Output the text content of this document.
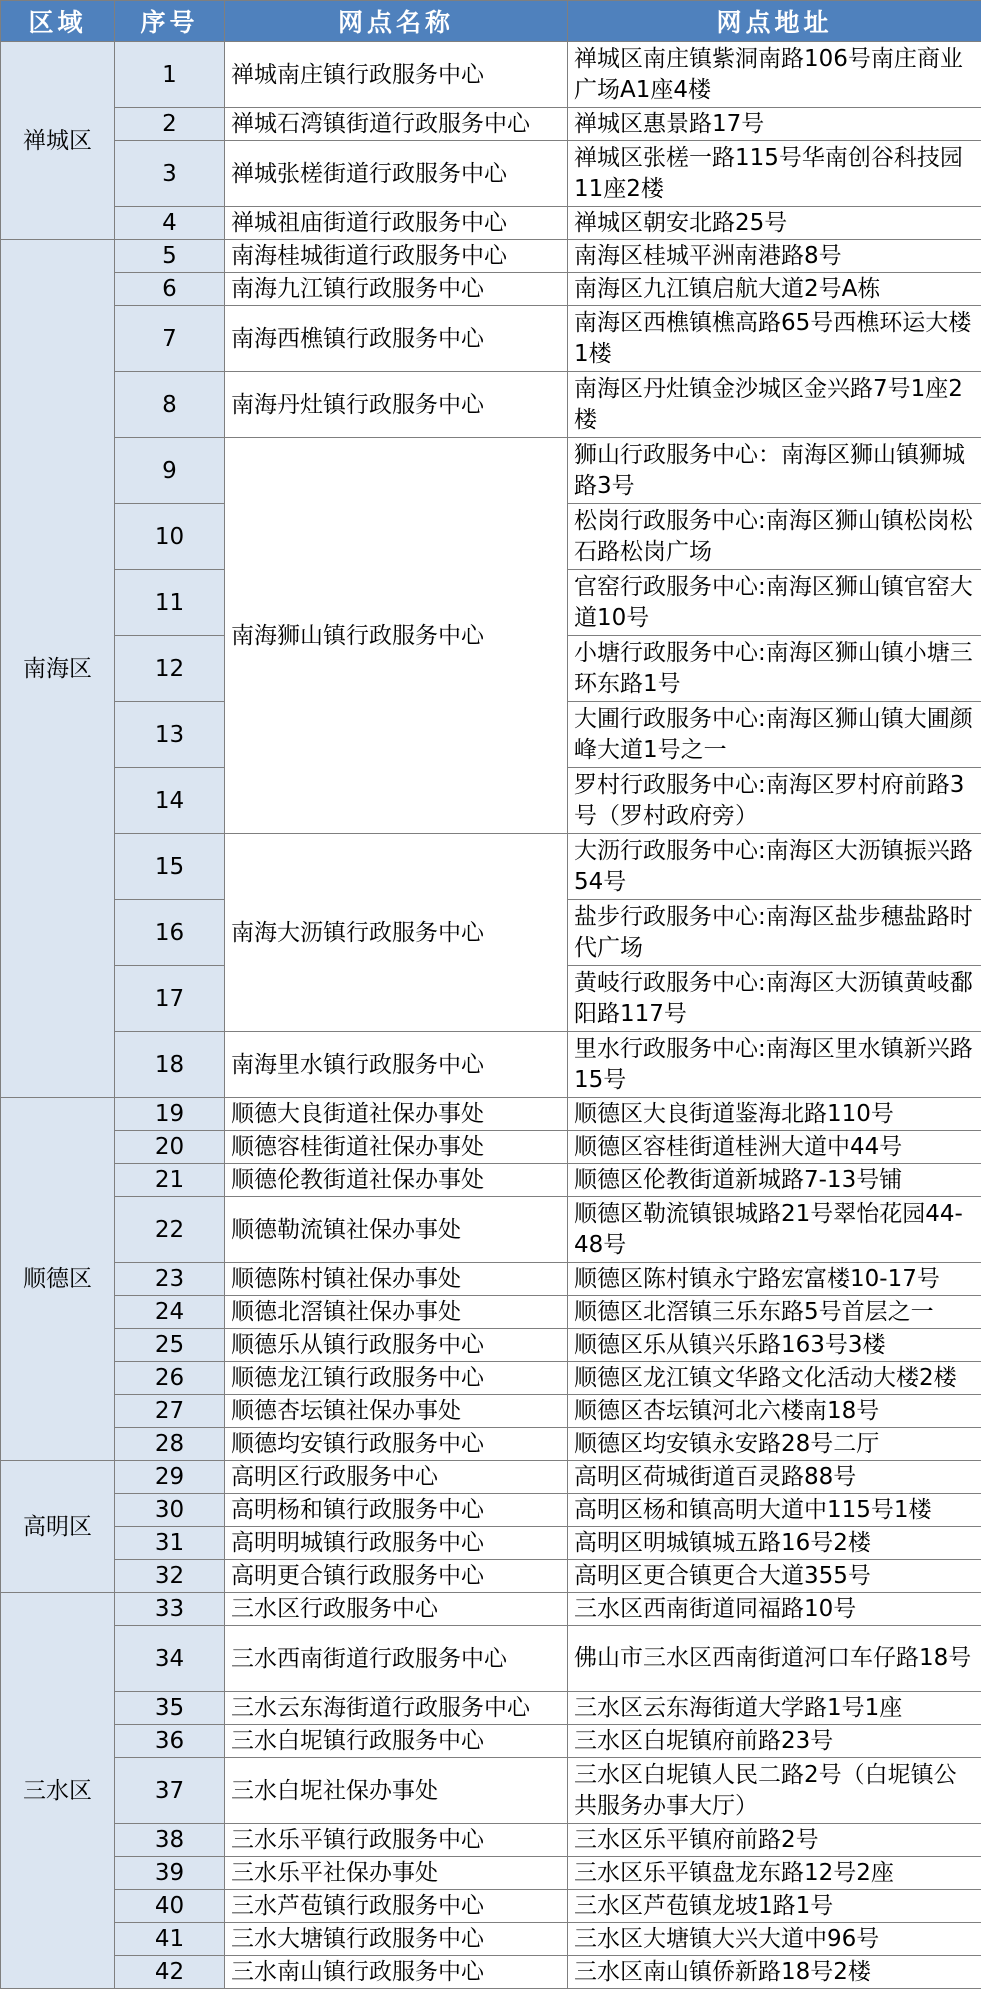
区域	序号	网点名称	网点地址
禅城区	1	禅城南庄镇行政服务中心	禅城区南庄镇紫洞南路106号南庄商业广场A1座4楼
	2	禅城石湾镇街道行政服务中心	禅城区惠景路17号
	3	禅城张槎街道行政服务中心	禅城区张槎一路115号华南创谷科技园11座2楼
	4	禅城祖庙街道行政服务中心	禅城区朝安北路25号
南海区	5	南海桂城街道行政服务中心	南海区桂城平洲南港路8号
	6	南海九江镇行政服务中心	南海区九江镇启航大道2号A栋
	7	南海西樵镇行政服务中心	南海区西樵镇樵高路65号西樵环运大楼1楼
	8	南海丹灶镇行政服务中心	南海区丹灶镇金沙城区金兴路7号1座2楼
	9	南海狮山镇行政服务中心	狮山行政服务中心：南海区狮山镇狮城路3号
	10		松岗行政服务中心:南海区狮山镇松岗松石路松岗广场
	11		官窑行政服务中心:南海区狮山镇官窑大道10号
	12		小塘行政服务中心:南海区狮山镇小塘三环东路1号
	13		大圃行政服务中心:南海区狮山镇大圃颜峰大道1号之一
	14		罗村行政服务中心:南海区罗村府前路3号（罗村政府旁）
	15	南海大沥镇行政服务中心	大沥行政服务中心:南海区大沥镇振兴路54号
	16		盐步行政服务中心:南海区盐步穗盐路时代广场
	17		黄岐行政服务中心:南海区大沥镇黄岐鄱阳路117号
	18	南海里水镇行政服务中心	里水行政服务中心:南海区里水镇新兴路15号
顺德区	19	顺德大良街道社保办事处	顺德区大良街道鉴海北路110号
	20	顺德容桂街道社保办事处	顺德区容桂街道桂洲大道中44号
	21	顺德伦教街道社保办事处	顺德区伦教街道新城路7-13号铺
	22	顺德勒流镇社保办事处	顺德区勒流镇银城路21号翠怡花园44-48号
	23	顺德陈村镇社保办事处	顺德区陈村镇永宁路宏富楼10-17号
	24	顺德北滘镇社保办事处	顺德区北滘镇三乐东路5号首层之一
	25	顺德乐从镇行政服务中心	顺德区乐从镇兴乐路163号3楼
	26	顺德龙江镇行政服务中心	顺德区龙江镇文华路文化活动大楼2楼
	27	顺德杏坛镇社保办事处	顺德区杏坛镇河北六楼南18号
	28	顺德均安镇行政服务中心	顺德区均安镇永安路28号二厅
高明区	29	高明区行政服务中心	高明区荷城街道百灵路88号
	30	高明杨和镇行政服务中心	高明区杨和镇高明大道中115号1楼
	31	高明明城镇行政服务中心	高明区明城镇城五路16号2楼
	32	高明更合镇行政服务中心	高明区更合镇更合大道355号
三水区	33	三水区行政服务中心	三水区西南街道同福路10号
	34	三水西南街道行政服务中心	佛山市三水区西南街道河口车仔路18号
	35	三水云东海街道行政服务中心	三水区云东海街道大学路1号1座
	36	三水白坭镇行政服务中心	三水区白坭镇府前路23号
	37	三水白坭社保办事处	三水区白坭镇人民二路2号（白坭镇公共服务办事大厅）
	38	三水乐平镇行政服务中心	三水区乐平镇府前路2号
	39	三水乐平社保办事处	三水区乐平镇盘龙东路12号2座
	40	三水芦苞镇行政服务中心	三水区芦苞镇龙坡1路1号
	41	三水大塘镇行政服务中心	三水区大塘镇大兴大道中96号
	42	三水南山镇行政服务中心	三水区南山镇侨新路18号2楼
